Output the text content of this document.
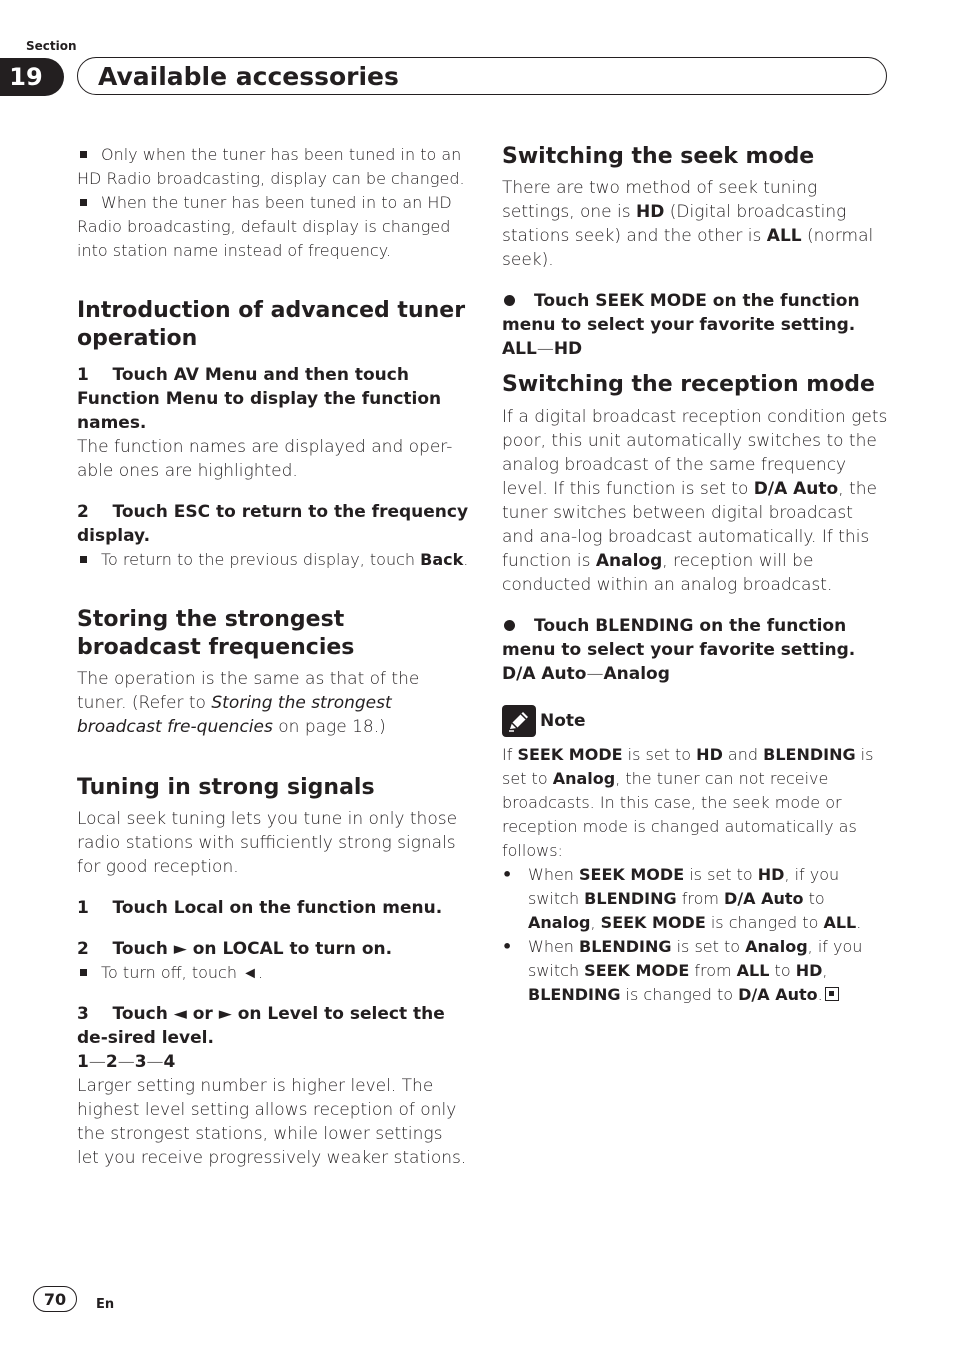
Section
19	Available accessories

Only when the tuner has been tuned in to an HD Radio broadcasting, display can be changed.

When the tuner has been tuned in to an HD Radio broadcasting, default display is changed into station name instead of frequency.

Introduction of advanced tuner operation

1 Touch AV Menu and then touch Function Menu to display the function names.

The function names are displayed and oper-able ones are highlighted.

2 Touch ESC to return to the frequency display.

To return to the previous display, touch Back.

Storing the strongest broadcast frequencies

The operation is the same as that of the tuner. (Refer to Storing the strongest broadcast fre-quencies on page 18.)

Tuning in strong signals

Local seek tuning lets you tune in only those radio stations with sufficiently strong signals for good reception.

1 Touch Local on the function menu.

2 Touch ► on LOCAL to turn on.

To turn off, touch ◄.

3 Touch ◄ or ► on Level to select the de-sired level.

1—2—3—4

Larger setting number is higher level. The highest level setting allows reception of only the strongest stations, while lower settings let you receive progressively weaker stations.

Switching the seek mode

There are two method of seek tuning settings, one is HD (Digital broadcasting stations seek) and the other is ALL (normal seek).

Touch SEEK MODE on the function menu to select your favorite setting.

ALL—HD

Switching the reception mode

If a digital broadcast reception condition gets poor, this unit automatically switches to the analog broadcast of the same frequency level. If this function is set to D/A Auto, the tuner switches between digital broadcast and ana-log broadcast automatically. If this function is Analog, reception will be conducted within an analog broadcast.

Touch BLENDING on the function menu to select your favorite setting.

D/A Auto—Analog

Note

If SEEK MODE is set to HD and BLENDING is set to Analog, the tuner can not receive broadcasts. In this case, the seek mode or reception mode is changed automatically as follows:

• When SEEK MODE is set to HD, if you switch BLENDING from D/A Auto to Analog, SEEK MODE is changed to ALL.
• When BLENDING is set to Analog, if you switch SEEK MODE from ALL to HD, BLENDING is changed to D/A Auto.
70	En
